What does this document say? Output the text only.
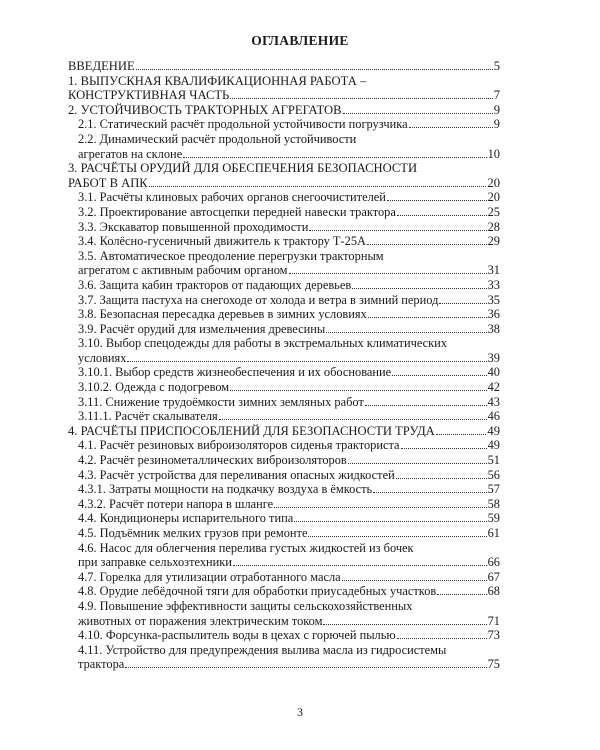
ОГЛАВЛЕНИЕ
ВВЕДЕНИЕ	5
1. ВЫПУСКНАЯ КВАЛИФИКАЦИОННАЯ РАБОТА –
КОНСТРУКТИВНАЯ ЧАСТЬ	7
2. УСТОЙЧИВОСТЬ ТРАКТОРНЫХ АГРЕГАТОВ	9
2.1. Статический расчёт продольной устойчивости погрузчика	9
2.2. Динамический расчёт продольной устойчивости
агрегатов на склоне	10
3. РАСЧЁТЫ ОРУДИЙ ДЛЯ ОБЕСПЕЧЕНИЯ БЕЗОПАСНОСТИ
РАБОТ В АПК	20
3.1. Расчёты клиновых рабочих органов снегоочистителей	20
3.2. Проектирование автосцепки передней навески трактора	25
3.3. Экскаватор повышенной проходимости	28
3.4. Колёсно-гусеничный движитель к трактору Т-25А	29
3.5. Автоматическое преодоление перегрузки тракторным
агрегатом с активным рабочим органом	31
3.6. Защита кабин тракторов от падающих деревьев	33
3.7. Защита пастуха на снегоходе от холода и ветра в зимний период	35
3.8. Безопасная пересадка деревьев в зимних условиях	36
3.9. Расчёт орудий для измельчения древесины	38
3.10. Выбор спецодежды для работы в экстремальных климатических
условиях	39
3.10.1. Выбор средств жизнеобеспечения и их обоснование	40
3.10.2. Одежда с подогревом	42
3.11. Снижение трудоёмкости зимних земляных работ	43
3.11.1. Расчёт скалывателя	46
4. РАСЧЁТЫ ПРИСПОСОБЛЕНИЙ ДЛЯ БЕЗОПАСНОСТИ ТРУДА	49
4.1. Расчёт резиновых виброизоляторов сиденья тракториста	49
4.2. Расчёт резинометаллических виброизоляторов	51
4.3. Расчёт устройства для переливания опасных жидкостей	56
4.3.1. Затраты мощности на подкачку воздуха в ёмкость	57
4.3.2. Расчёт потери напора в шланге	58
4.4. Кондиционеры испарительного типа	59
4.5. Подъёмник мелких грузов при ремонте	61
4.6. Насос для облегчения перелива густых жидкостей из бочек
при заправке сельхозтехники	66
4.7. Горелка для утилизации отработанного масла	67
4.8. Орудие лебёдочной тяги для обработки приусадебных участков	68
4.9. Повышение эффективности защиты сельскохозяйственных
животных от поражения электрическим током	71
4.10. Форсунка-распылитель воды в цехах с горючей пылью	73
4.11. Устройство для предупреждения вылива масла из гидросистемы
трактора	75
3
